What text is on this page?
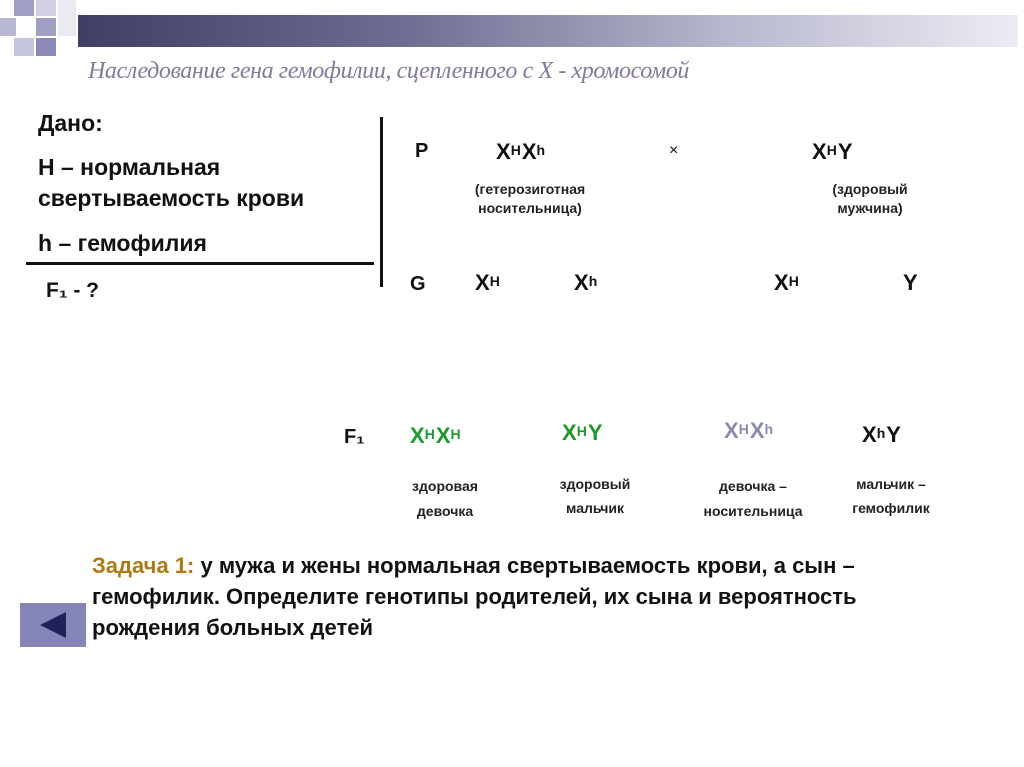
Наследование гена гемофилии, сцепленного с Х - хромосомой
Дано:
Н – нормальная
свертываемость крови
h – гемофилия
F₁ - ?
Р	$Х^НХ^h$	×	$Х^НY$
(гетерозиготная
носительница)
(здоровый
мужчина)
G $Х^Н$	$Х^h$	$Х^Н$	Y
F₁ $Х^НХ^Н$	$Х^НY$	$Х^НХ^h$	$Х^hY$
здоровая
девочка
здоровый
мальчик
девочка –
носительница
мальчик –
гемофилик
Задача 1: у мужа и жены нормальная свертываемость крови, а сын – гемофилик. Определите генотипы родителей, их сына и вероятность рождения больных детей
